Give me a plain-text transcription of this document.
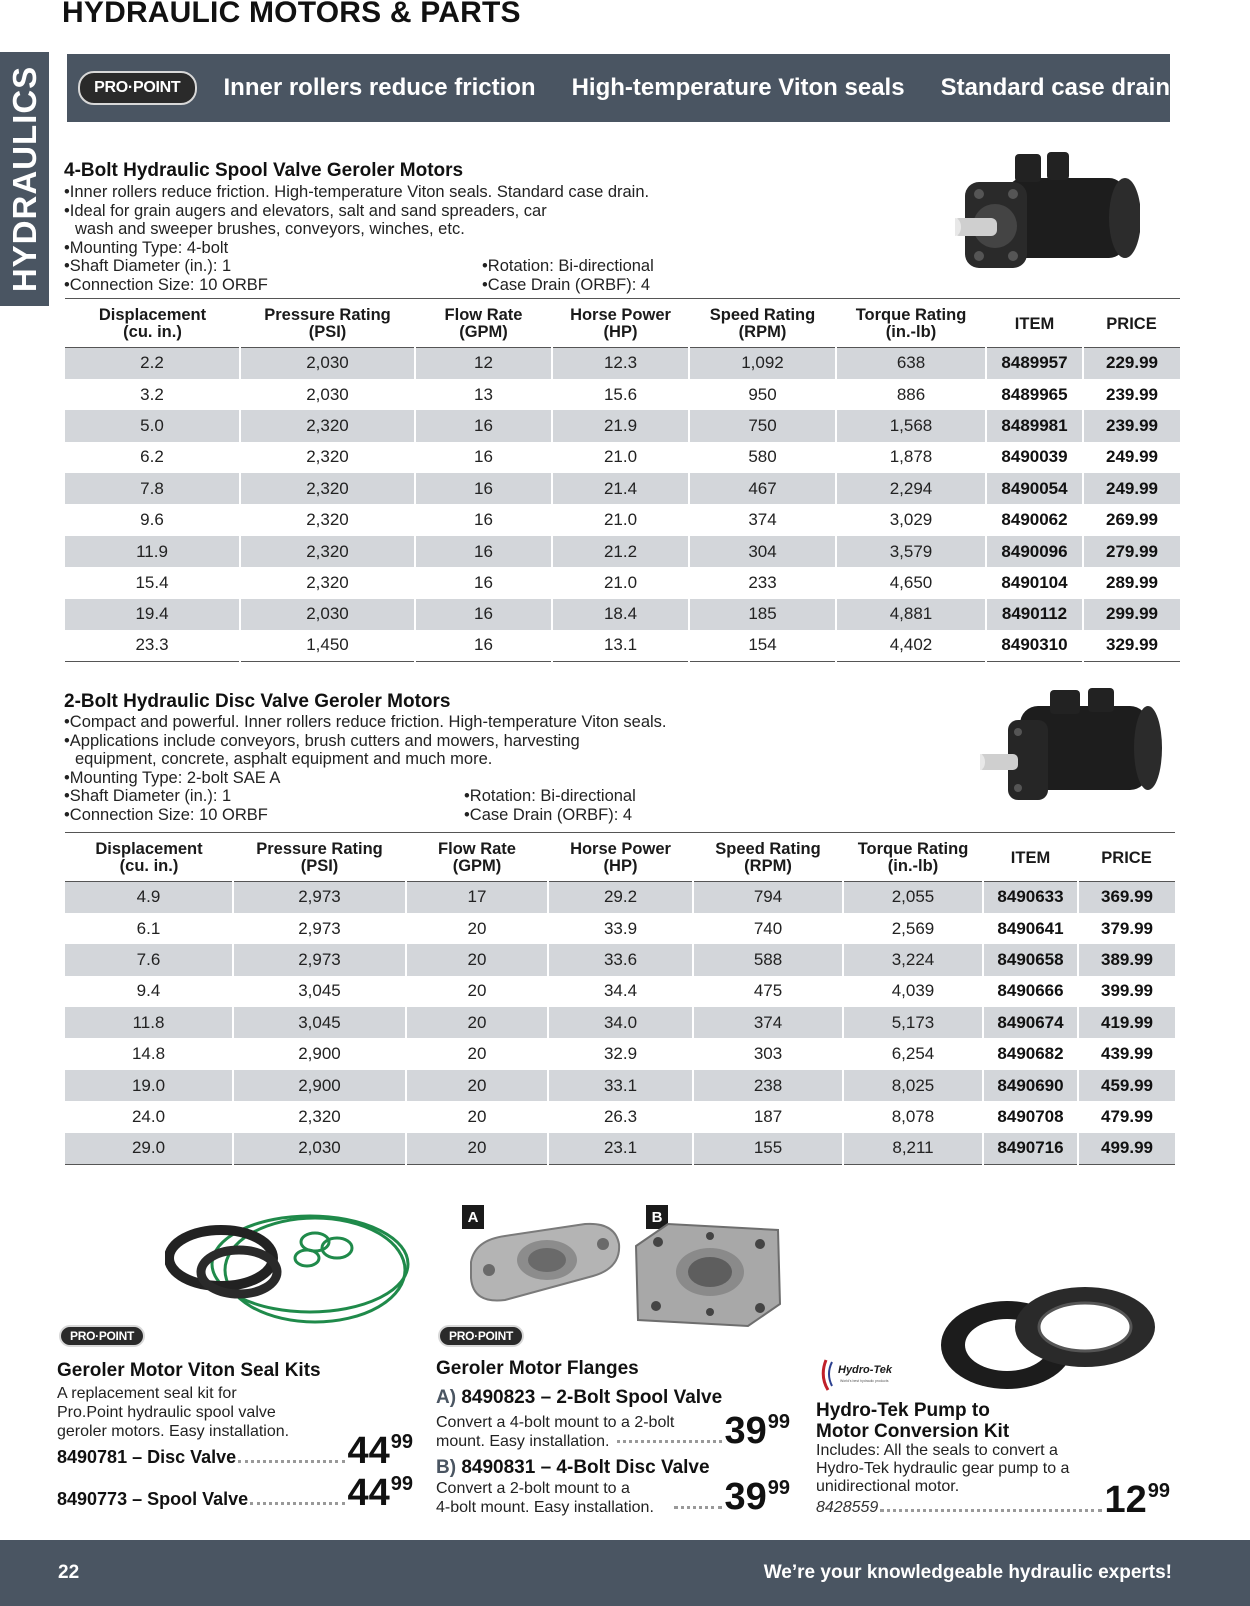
HYDRAULIC MOTORS & PARTS
HYDRAULICS	PRO·POINT	Inner rollers reduce friction High-temperature Viton seals Standard case drain
4-Bolt Hydraulic Spool Valve Geroler Motors

•Inner rollers reduce friction. High-temperature Viton seals. Standard case drain.

•Ideal for grain augers and elevators, salt and sand spreaders, car

wash and sweeper brushes, conveyors, winches, etc.

•Mounting Type: 4-bolt

•Shaft Diameter (in.): 1	•Rotation: Bi-directional

•Connection Size: 10 ORBF	•Case Drain (ORBF): 4

Displacement
(cu. in.)	Pressure Rating
(PSI)	Flow Rate
(GPM)	Horse Power
(HP)	Speed Rating
(RPM)	Torque Rating
(in.-lb)	ITEM	PRICE
2.2	2,030	12	12.3	1,092	638	8489957	229.99
3.2	2,030	13	15.6	950	886	8489965	239.99
5.0	2,320	16	21.9	750	1,568	8489981	239.99
6.2	2,320	16	21.0	580	1,878	8490039	249.99
7.8	2,320	16	21.4	467	2,294	8490054	249.99
9.6	2,320	16	21.0	374	3,029	8490062	269.99
11.9	2,320	16	21.2	304	3,579	8490096	279.99
15.4	2,320	16	21.0	233	4,650	8490104	289.99
19.4	2,030	16	18.4	185	4,881	8490112	299.99
23.3	1,450	16	13.1	154	4,402	8490310	329.99
2-Bolt Hydraulic Disc Valve Geroler Motors

•Compact and powerful. Inner rollers reduce friction. High-temperature Viton seals.

•Applications include conveyors, brush cutters and mowers, harvesting

equipment, concrete, asphalt equipment and much more.

•Mounting Type: 2-bolt SAE A

•Shaft Diameter (in.): 1	•Rotation: Bi-directional

•Connection Size: 10 ORBF	•Case Drain (ORBF): 4

Displacement
(cu. in.)	Pressure Rating
(PSI)	Flow Rate
(GPM)	Horse Power
(HP)	Speed Rating
(RPM)	Torque Rating
(in.-lb)	ITEM	PRICE
4.9	2,973	17	29.2	794	2,055	8490633	369.99
6.1	2,973	20	33.9	740	2,569	8490641	379.99
7.6	2,973	20	33.6	588	3,224	8490658	389.99
9.4	3,045	20	34.4	475	4,039	8490666	399.99
11.8	3,045	20	34.0	374	5,173	8490674	419.99
14.8	2,900	20	32.9	303	6,254	8490682	439.99
19.0	2,900	20	33.1	238	8,025	8490690	459.99
24.0	2,320	20	26.3	187	8,078	8490708	479.99
29.0	2,030	20	23.1	155	8,211	8490716	499.99
PRO·POINT
Geroler Motor Viton Seal Kits

A replacement seal kit for

Pro.Point hydraulic spool valve

geroler motors. Easy installation.

8490781 – Disc Valve	44 99
8490773 – Spool Valve	44 99
A	B
PRO·POINT
Geroler Motor Flanges
A) 8490823 – 2-Bolt Spool Valve

Convert a 4-bolt mount to a 2-bolt

mount. Easy installation.	39 99
B) 8490831 – 4-Bolt Disc Valve

Convert a 2-bolt mount to a

4-bolt mount. Easy installation. 39 99
Hydro-Tek
World's best hydraulic products

Hydro-Tek Pump to

Motor Conversion Kit

Includes: All the seals to convert a

Hydro-Tek hydraulic gear pump to a

unidirectional motor.

8428559	12 99
22	We’re your knowledgeable hydraulic experts!
